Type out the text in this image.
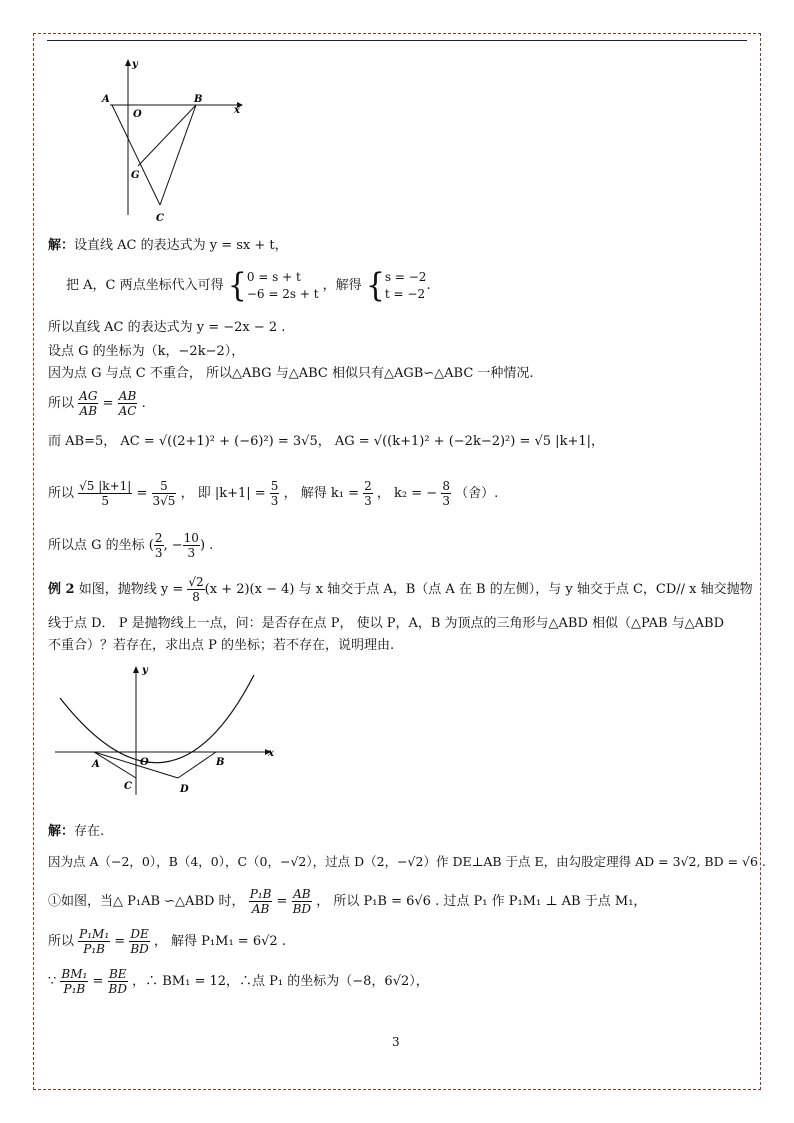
y
x
A
O
B
G
C
解：设直线 AC 的表达式为 y = sx + t，
把 A，C 两点坐标代入可得 {0 = s + t
−6 = 2s + t ，解得 {s = −2
t = −2.
所以直线 AC 的表达式为 y = −2x − 2 .
设点 G 的坐标为（k，−2k−2），
因为点 G 与点 C 不重合， 所以△ABG 与△ABC 相似只有△AGB∽△ABC 一种情况.
所以 $\frac{AG}{AB} = \frac{AB}{AC}$ .
而 AB=5， AC = √((2+1)² + (−6)²) = 3√5， AG = √((k+1)² + (−2k−2)²) = √5 |k+1|，
所以 $\frac{√5 |k+1|}{5} = \frac{5}{3√5}$ ， 即 $|k+1| = \frac{5}{3}$ ， 解得 $k_1 = \frac{2}{3}$ ， k₂ = − $\frac{8}{3}$ （舍）.
所以点 G 的坐标 ( $\frac{2}{3}$ , − $\frac{10}{3}$ ) .
例 2 如图，抛物线 $y = \frac{√2}{8} (x + 2)(x - 4)$ 与 x 轴交于点 A，B（点 A 在 B 的左侧），与 y 轴交于点 C，CD// x 轴交抛物
线于点 D． P 是抛物线上一点，问：是否存在点 P， 使以 P，A，B 为顶点的三角形与△ABD 相似（△PAB 与△ABD
不重合）？若存在，求出点 P 的坐标；若不存在，说明理由.
y
x
A	O	B
C	D
解：存在.
因为点 A（−2，0），B（4，0），C（0，−√2），过点 D（2，−√2）作 DE⊥AB 于点 E，由勾股定理得 AD = 3√2, BD = √6 .
①如图，当△ P₁AB ∽△ABD 时， $\frac{\text{P₁B}}{AB} = \frac{AB}{BD}$ ， 所以 P₁B = 6√6 . 过点 P₁ 作 P₁M₁ ⊥ AB 于点 M₁，
所以 $\frac{\text{P₁M₁}}{\text{P₁B}} = \frac{DE}{BD}$ ， 解得 P₁M₁ = 6√2 .
∵ $\frac{\text{BM₁}}{\text{P₁B}} = \frac{BE}{BD}$ ，∴ BM₁ = 12，∴点 P₁ 的坐标为（−8，6√2），
3
